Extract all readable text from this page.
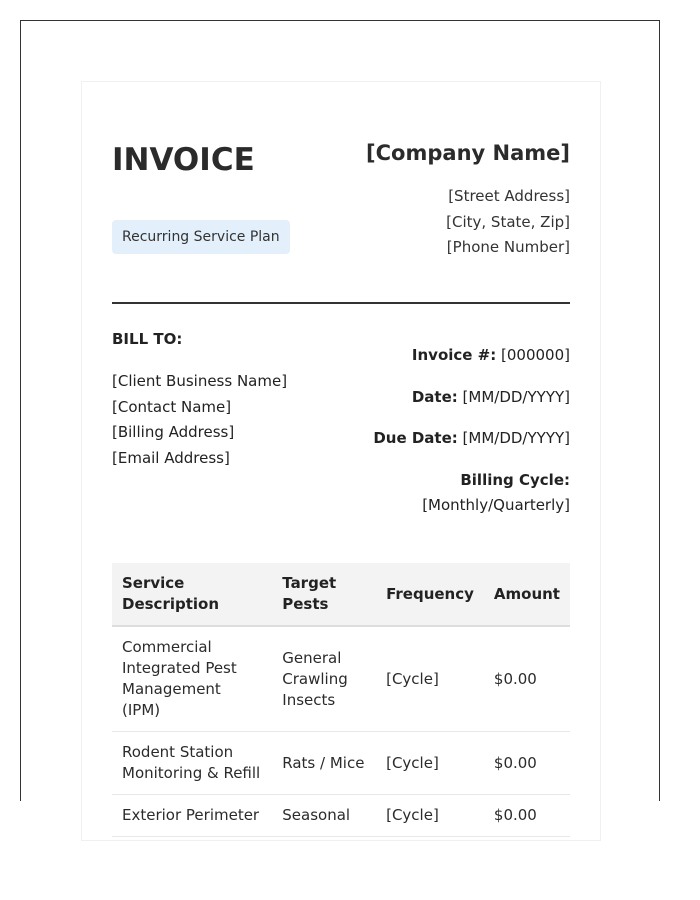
INVOICE
Recurring Service Plan
[Company Name]
[Street Address]
[City, State, Zip]
[Phone Number]
BILL TO:
[Client Business Name]
[Contact Name]
[Billing Address]
[Email Address]
Invoice #: [000000]
Date: [MM/DD/YYYY]
Due Date: [MM/DD/YYYY]
Billing Cycle:
[Monthly/Quarterly]
Service Description	Target Pests	Frequency	Amount
Commercial Integrated Pest Management (IPM)	General Crawling Insects	[Cycle]	$0.00
Rodent Station Monitoring & Refill	Rats / Mice	[Cycle]	$0.00
Exterior Perimeter	Seasonal	[Cycle]	$0.00
